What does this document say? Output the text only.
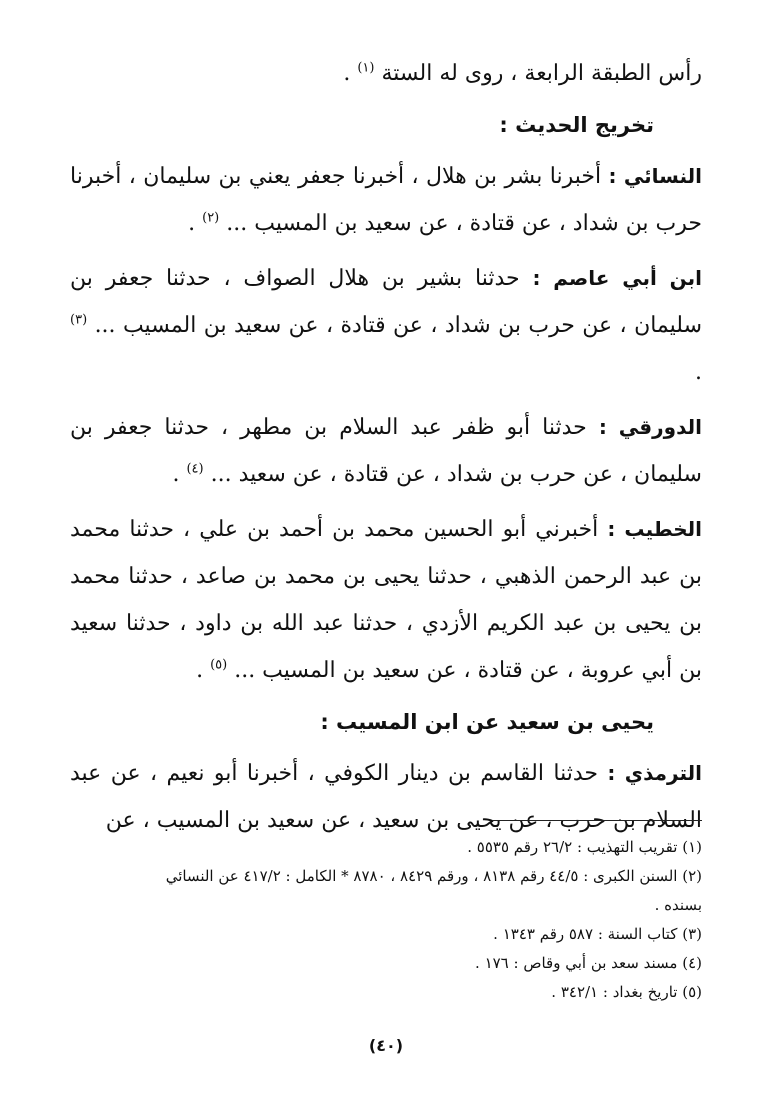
رأس الطبقة الرابعة ، روى له الستة $^{(١)}$ .

تخريج الحديث :

النسائي : أخبرنا بشر بن هلال ، أخبرنا جعفر يعني بن سليمان ، أخبرنا حرب بن شداد ، عن قتادة ، عن سعيد بن المسيب ... $^{(٢)}$ .

ابن أبي عاصم : حدثنا بشير بن هلال الصواف ، حدثنا جعفر بن سليمان ، عن حرب بن شداد ، عن قتادة ، عن سعيد بن المسيب ... $^{(٣)}$ .

الدورقي : حدثنا أبو ظفر عبد السلام بن مطهر ، حدثنا جعفر بن سليمان ، عن حرب بن شداد ، عن قتادة ، عن سعيد ... $^{(٤)}$ .

الخطيب : أخبرني أبو الحسين محمد بن أحمد بن علي ، حدثنا محمد بن عبد الرحمن الذهبي ، حدثنا يحيى بن محمد بن صاعد ، حدثنا محمد بن يحيى بن عبد الكريم الأزدي ، حدثنا عبد الله بن داود ، حدثنا سعيد بن أبي عروبة ، عن قتادة ، عن سعيد بن المسيب ... $^{(٥)}$ .

يحيى بن سعيد عن ابن المسيب :

الترمذي : حدثنا القاسم بن دينار الكوفي ، أخبرنا أبو نعيم ، عن عبد السلام بن حرب ، عن يحيى بن سعيد ، عن سعيد بن المسيب ، عن

(١) تقريب التهذيب : ٢٦/٢ رقم ٥٥٣٥ .

(٢) السنن الكبرى : ٤٤/٥ رقم ٨١٣٨ ، ورقم ٨٤٢٩ ، ٨٧٨٠ * الكامل : ٤١٧/٢ عن النسائي

بسنده .

(٣) كتاب السنة : ٥٨٧ رقم ١٣٤٣ .

(٤) مسند سعد بن أبي وقاص : ١٧٦ .

(٥) تاريخ بغداد : ٣٤٢/١ .

(٤٠)
